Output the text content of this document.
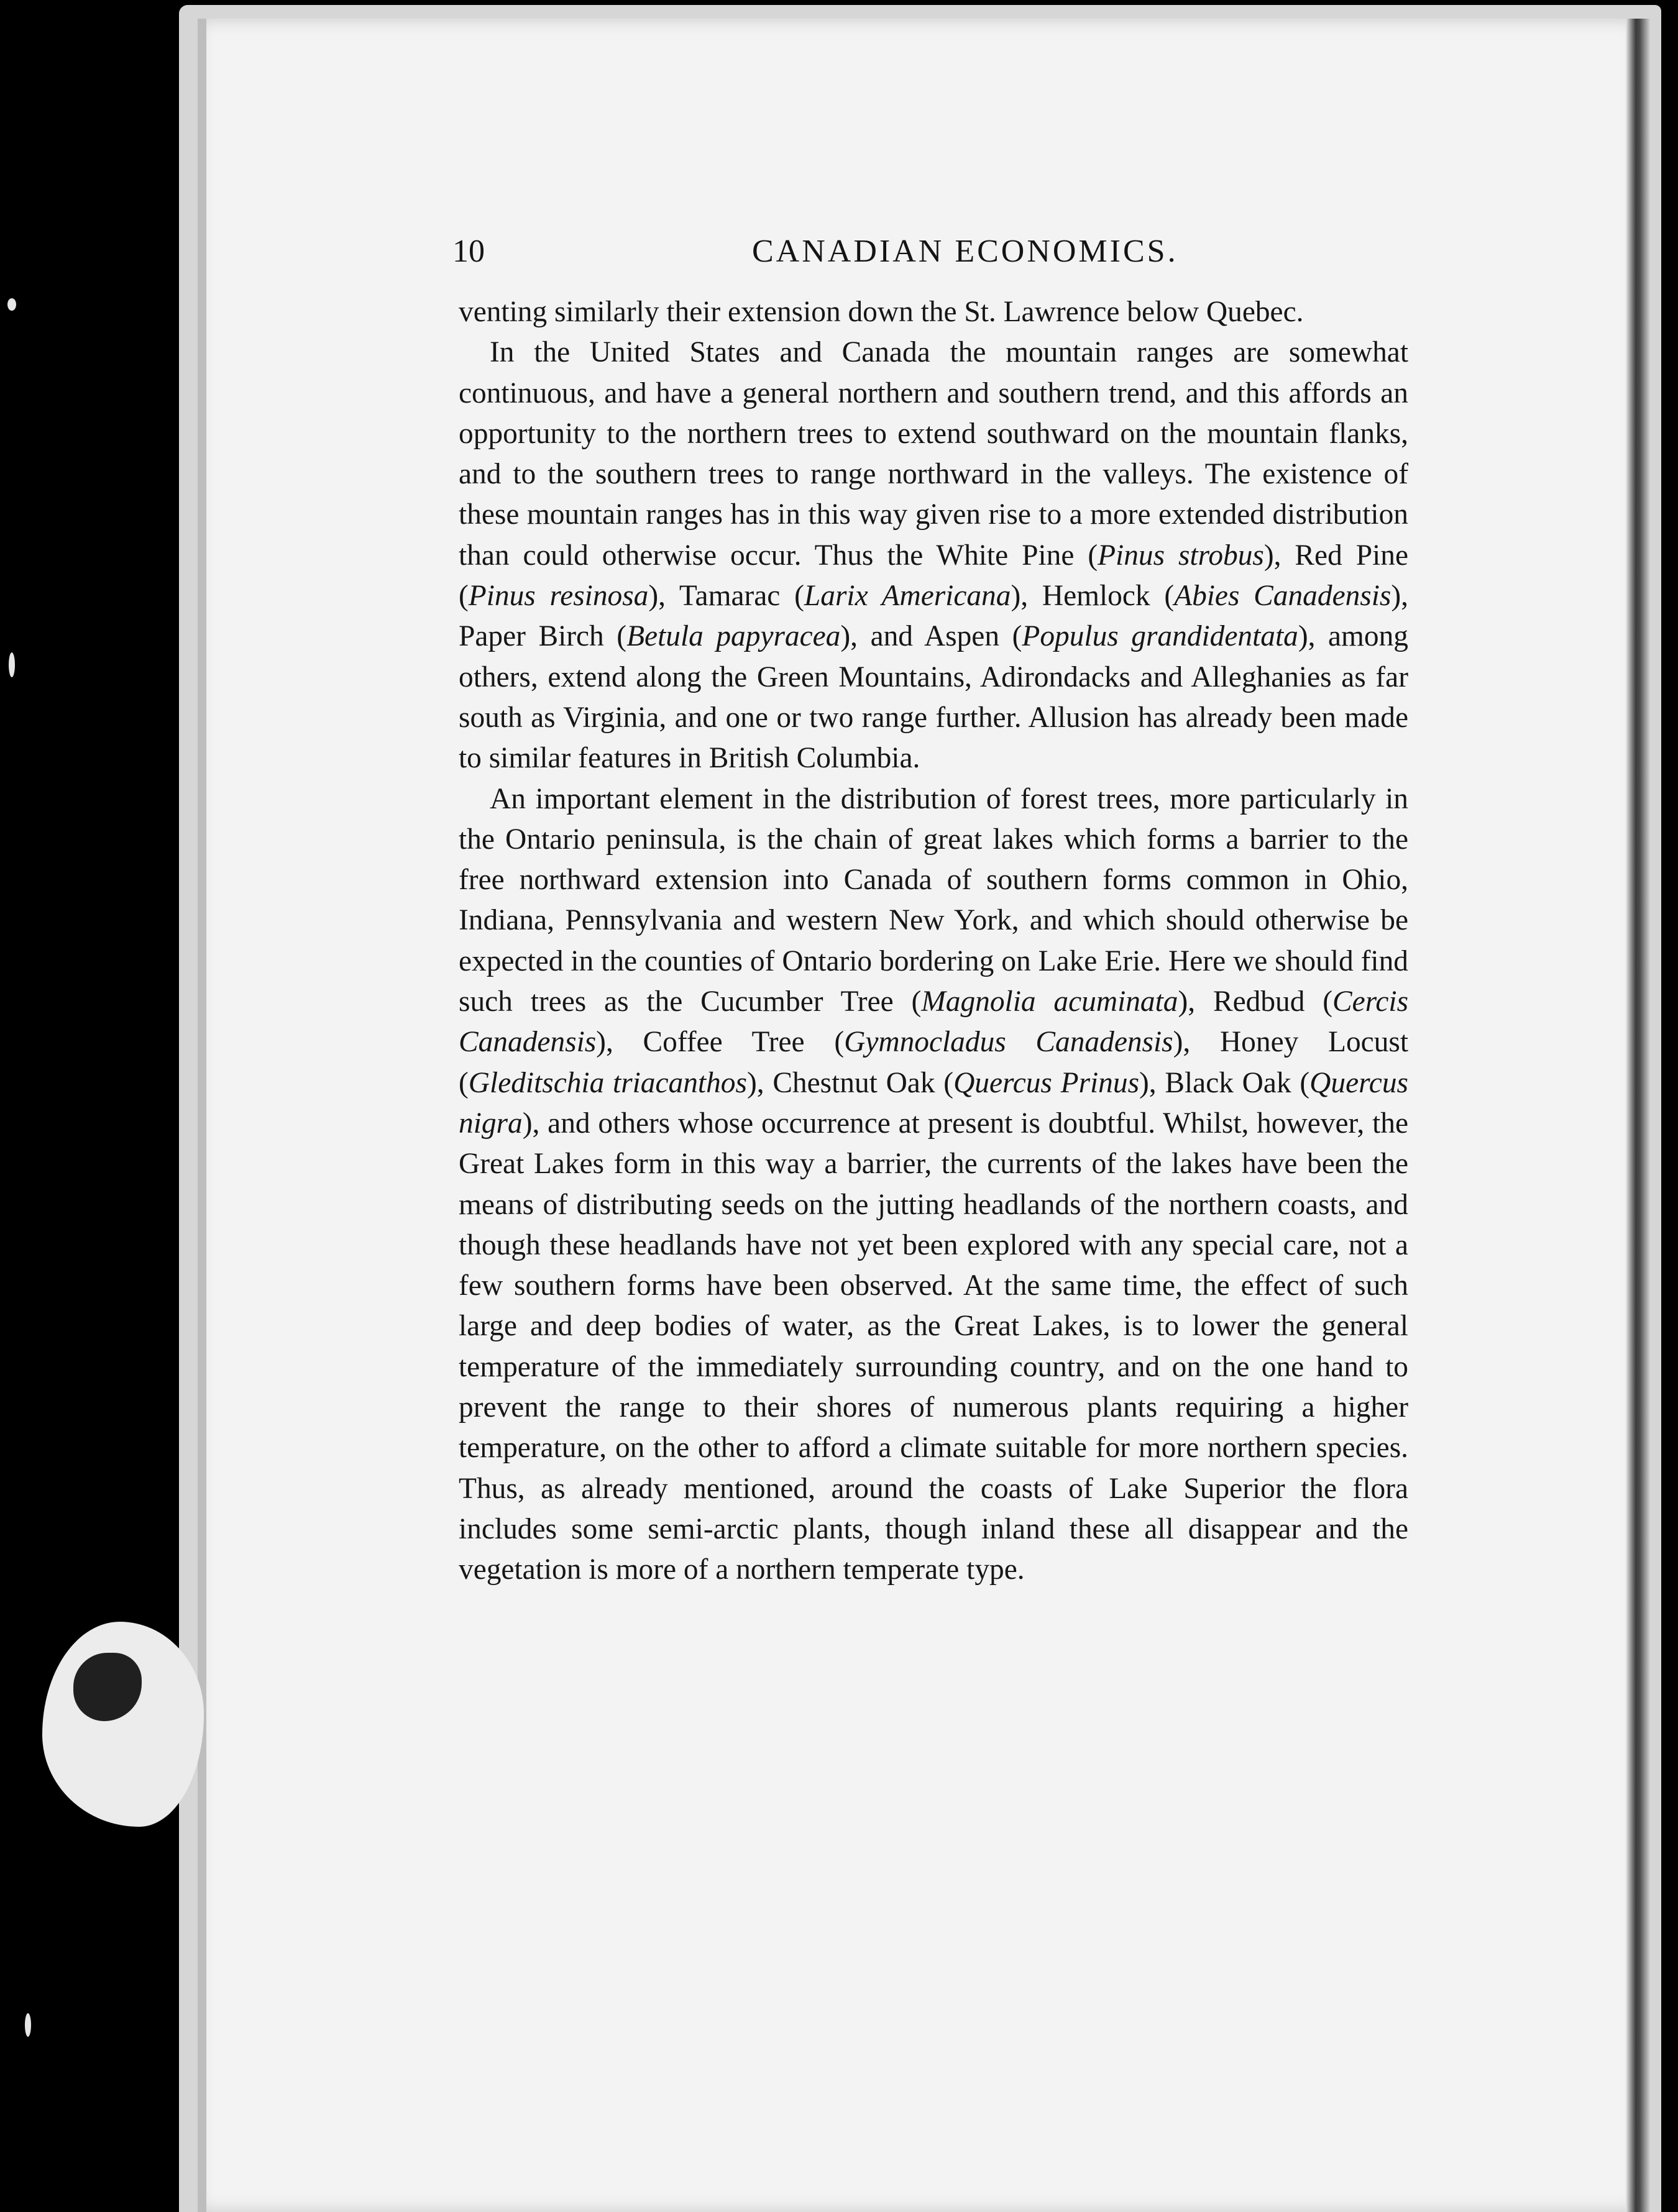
10	CANADIAN ECONOMICS.

venting similarly their extension down the St. Lawrence below Quebec.

In the United States and Canada the mountain ranges are somewhat continuous, and have a general northern and southern trend, and this affords an opportunity to the northern trees to extend southward on the mountain flanks, and to the southern trees to range northward in the valleys. The existence of these mountain ranges has in this way given rise to a more extended distribution than could otherwise occur. Thus the White Pine (Pinus strobus), Red Pine (Pinus resinosa), Tamarac (Larix Americana), Hemlock (Abies Canadensis), Paper Birch (Betula papyracea), and Aspen (Populus grandidentata), among others, extend along the Green Mountains, Adirondacks and Alleghanies as far south as Virginia, and one or two range further. Allusion has already been made to similar features in British Columbia.

An important element in the distribution of forest trees, more particularly in the Ontario peninsula, is the chain of great lakes which forms a barrier to the free northward extension into Canada of southern forms common in Ohio, Indiana, Pennsylvania and western New York, and which should otherwise be expected in the counties of Ontario bordering on Lake Erie. Here we should find such trees as the Cucumber Tree (Magnolia acuminata), Redbud (Cercis Canadensis), Coffee Tree (Gymnocladus Canadensis), Honey Locust (Gleditschia triacanthos), Chestnut Oak (Quercus Prinus), Black Oak (Quercus nigra), and others whose occurrence at present is doubtful. Whilst, however, the Great Lakes form in this way a barrier, the currents of the lakes have been the means of distributing seeds on the jutting headlands of the northern coasts, and though these headlands have not yet been explored with any special care, not a few southern forms have been observed. At the same time, the effect of such large and deep bodies of water, as the Great Lakes, is to lower the general temperature of the immediately surrounding country, and on the one hand to prevent the range to their shores of numerous plants requiring a higher temperature, on the other to afford a climate suitable for more northern species. Thus, as already mentioned, around the coasts of Lake Superior the flora includes some semi-arctic plants, though inland these all disappear and the vegetation is more of a northern temperate type.
